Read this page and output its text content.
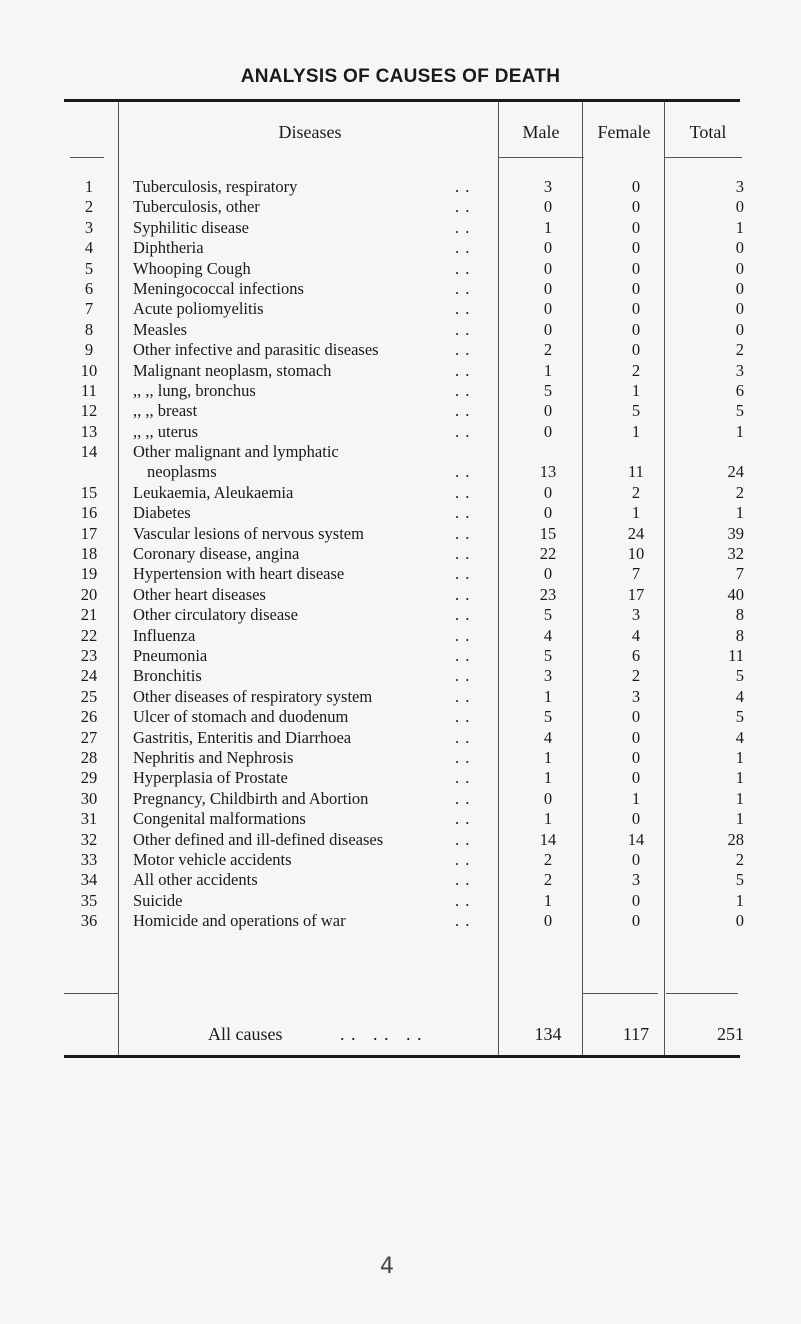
ANALYSIS OF CAUSES OF DEATH
Diseases	Male	Female	Total
1	Tuberculosis, respiratory	. .	3	0	3
2	Tuberculosis, other	. .	0	0	0
3	Syphilitic disease	. .	1	0	1
4	Diphtheria	. .	0	0	0
5	Whooping Cough	. .	0	0	0
6	Meningococcal infections	. .	0	0	0
7	Acute poliomyelitis	. .	0	0	0
8	Measles	. .	0	0	0
9	Other infective and parasitic diseases	. .	2	0	2
10	Malignant neoplasm, stomach	. .	1	2	3
11	,, ,, lung, bronchus	. .	5	1	6
12	,, ,, breast	. .	0	5	5
13	,, ,, uterus	. .	0	1	1
14	Other malignant and lymphatic
neoplasms	. .	13	11	24
15	Leukaemia, Aleukaemia	. .	0	2	2
16	Diabetes	. .	0	1	1
17	Vascular lesions of nervous system	. .	15	24	39
18	Coronary disease, angina	. .	22	10	32
19	Hypertension with heart disease	. .	0	7	7
20	Other heart diseases	. .	23	17	40
21	Other circulatory disease	. .	5	3	8
22	Influenza	. .	4	4	8
23	Pneumonia	. .	5	6	11
24	Bronchitis	. .	3	2	5
25	Other diseases of respiratory system	. .	1	3	4
26	Ulcer of stomach and duodenum	. .	5	0	5
27	Gastritis, Enteritis and Diarrhoea	. .	4	0	4
28	Nephritis and Nephrosis	. .	1	0	1
29	Hyperplasia of Prostate	. .	1	0	1
30	Pregnancy, Childbirth and Abortion	. .	0	1	1
31	Congenital malformations	. .	1	0	1
32	Other defined and ill-defined diseases	. .	14	14	28
33	Motor vehicle accidents	. .	2	0	2
34	All other accidents	. .	2	3	5
35	Suicide	. .	1	0	1
36	Homicide and operations of war	. .	0	0	0
All causes	. .   . .   . .	134	117	251
4
